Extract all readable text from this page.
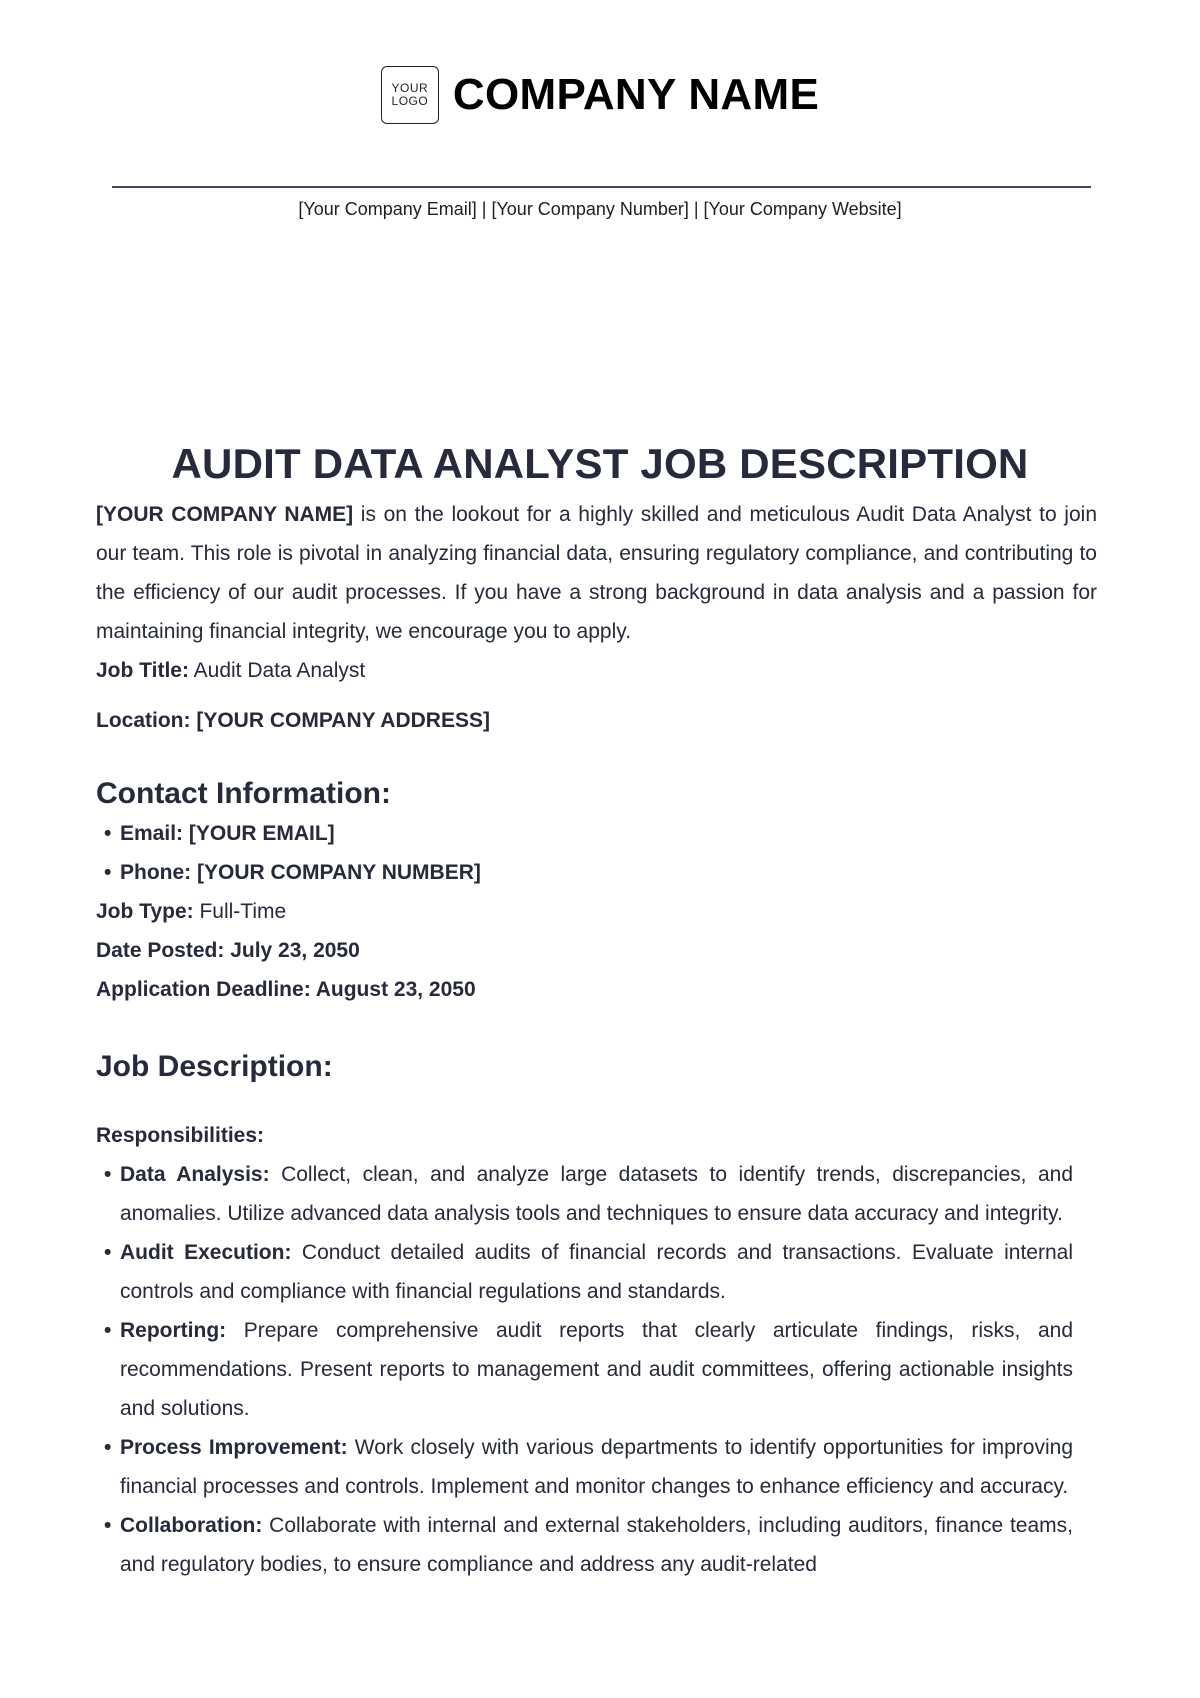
YOUR
LOGO COMPANY NAME
[Your Company Email] | [Your Company Number] | [Your Company Website]
AUDIT DATA ANALYST JOB DESCRIPTION

[YOUR COMPANY NAME] is on the lookout for a highly skilled and meticulous Audit Data Analyst to join our team. This role is pivotal in analyzing financial data, ensuring regulatory compliance, and contributing to the efficiency of our audit processes. If you have a strong background in data analysis and a passion for maintaining financial integrity, we encourage you to apply.

Job Title: Audit Data Analyst

Location: [YOUR COMPANY ADDRESS]

Contact Information:
• Email: [YOUR EMAIL]
• Phone: [YOUR COMPANY NUMBER]

Job Type: Full-Time

Date Posted: July 23, 2050

Application Deadline: August 23, 2050

Job Description:

Responsibilities:

• Data Analysis: Collect, clean, and analyze large datasets to identify trends, discrepancies, and anomalies. Utilize advanced data analysis tools and techniques to ensure data accuracy and integrity.
• Audit Execution: Conduct detailed audits of financial records and transactions. Evaluate internal controls and compliance with financial regulations and standards.
• Reporting: Prepare comprehensive audit reports that clearly articulate findings, risks, and recommendations. Present reports to management and audit committees, offering actionable insights and solutions.
• Process Improvement: Work closely with various departments to identify opportunities for improving financial processes and controls. Implement and monitor changes to enhance efficiency and accuracy.
• Collaboration: Collaborate with internal and external stakeholders, including auditors, finance teams, and regulatory bodies, to ensure compliance and address any audit-related
